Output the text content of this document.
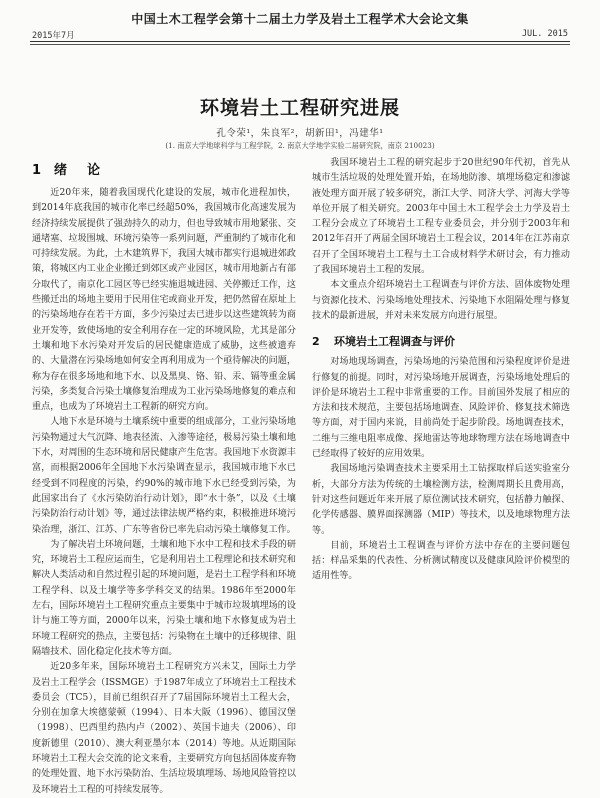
中国土木工程学会第十二届土力学及岩土工程学术大会论文集
2015年7月	JUL. 2015
环境岩土工程研究进展
孔令荣¹，朱良军²，胡新田¹，冯建华¹
(1. 南京大学地球科学与工程学院，2. 南京大学地学实验二届研究院，南京 210023)
1 绪论

近20年来，随着我国现代化建设的发展，城市化进程加快，到2014年底我国的城市化率已经超50%，我国城市化高速发展为经济持续发展提供了强劲持久的动力，但也导致城市用地紧张、交通堵塞、垃圾围城、环境污染等一系列问题，严重制约了城市化和可持续发展。为此，土木建筑界下，我国大城市都实行退城进郊政策，将城区内工业企业搬迁到郊区或产业园区，城市用地新占有部分取代了，南京化工园区等已经实施退城进园、关停搬迁工作，这些搬迁出的场地主要用于民用住宅或商业开发，把仍然留在原址上的污染场地存在若干方面，多少污染过去已进步以这些建筑转为商业开发等，致使场地的安全利用存在一定的环境风险，尤其是部分土壤和地下水污染对开发后的居民健康造成了威胁，这些被遗弃的、大量潜在污染场地如何安全再利用成为一个亟待解决的问题，称为存在很多场地和地下水、以及黑臭、铬、铅、汞、镉等重金属污染，多类复合污染土壤修复治理成为工业污染场地修复的难点和重点，也成为了环境岩土工程新的研究方向。

人地下水是环境与土壤系统中重要的组成部分，工业污染场地污染物通过大气沉降、地表径流、入渗等途径，极易污染土壤和地下水，对周围的生态环境和居民健康产生危害。我国地下水资源丰富，而根据2006年全国地下水污染调查显示，我国城市地下水已经受到不同程度的污染，约90%的城市地下水已经受到污染，为此国家出台了《水污染防治行动计划》，即“水十条”，以及《土壤污染防治行动计划》等，通过法律法规严格约束，积极推进环境污染治理，浙江、江苏、广东等省份已率先启动污染土壤修复工作。

为了解决岩土环境问题，土壤和地下水中工程和技术手段的研究，环境岩土工程应运而生，它是利用岩土工程理论和技术研究和解决人类活动和自然过程引起的环境问题，是岩土工程学科和环境工程学科、以及土壤学等多学科交叉的结果。1986年至2000年左右，国际环境岩土工程研究重点主要集中于城市垃圾填埋场的设计与施工等方面，2000年以来，污染土壤和地下水修复成为岩土环境工程研究的热点，主要包括：污染物在土壤中的迁移规律、阻隔墙技术、固化稳定化技术等方面。

近20多年来，国际环境岩土工程研究方兴未艾，国际土力学及岩土工程学会（ISSMGE）于1987年成立了环境岩土工程技术委员会（TC5），目前已组织召开了7届国际环境岩土工程大会，分别在加拿大埃德蒙顿（1994）、日本大阪（1996）、德国汉堡（1998）、巴西里约热内卢（2002）、英国卡迪夫（2006）、印度新德里（2010）、澳大利亚墨尔本（2014）等地。从近期国际环境岩土工程大会交流的论文来看，主要研究方向包括固体废弃物的处理处置、地下水污染防治、生活垃圾填埋场、场地风险管控以及环境岩土工程的可持续发展等。

我国环境岩土工程的研究起步于20世纪90年代初，首先从城市生活垃圾的处理处置开始，在场地防渗、填埋场稳定和渗滤液处理方面开展了较多研究，浙江大学、同济大学、河海大学等单位开展了相关研究。2003年中国土木工程学会土力学及岩土工程分会成立了环境岩土工程专业委员会，并分别于2003年和2012年召开了两届全国环境岩土工程会议，2014年在江苏南京召开了全国环境岩土工程与土工合成材料学术研讨会，有力推动了我国环境岩土工程的发展。

本文重点介绍环境岩土工程调查与评价方法、固体废物处理与资源化技术、污染场地处理技术、污染地下水阻隔处理与修复技术的最新进展，并对未来发展方向进行展望。

2 环境岩土工程调查与评价

对场地现场调查，污染场地的污染范围和污染程度评价是进行修复的前提。同时，对污染场地开展调查，污染场地处理后的评价是环境岩土工程中非常重要的工作。目前国外发展了相应的方法和技术规范，主要包括场地调查、风险评价、修复技术筛选等方面，对于国内来说，目前尚处于起步阶段。场地调查技术，二维与三维电阻率成像、探地雷达等地球物理方法在场地调查中已经取得了较好的应用效果。

我国场地污染调查技术主要采用土工钻探取样后送实验室分析，大部分方法为传统的土壤检测方法，检测周期长且费用高，针对这些问题近年来开展了原位测试技术研究，包括静力触探、化学传感器、膜界面探测器（MIP）等技术，以及地球物理方法等。

目前，环境岩土工程调查与评价方法中存在的主要问题包括：样品采集的代表性、分析测试精度以及健康风险评价模型的适用性等。
